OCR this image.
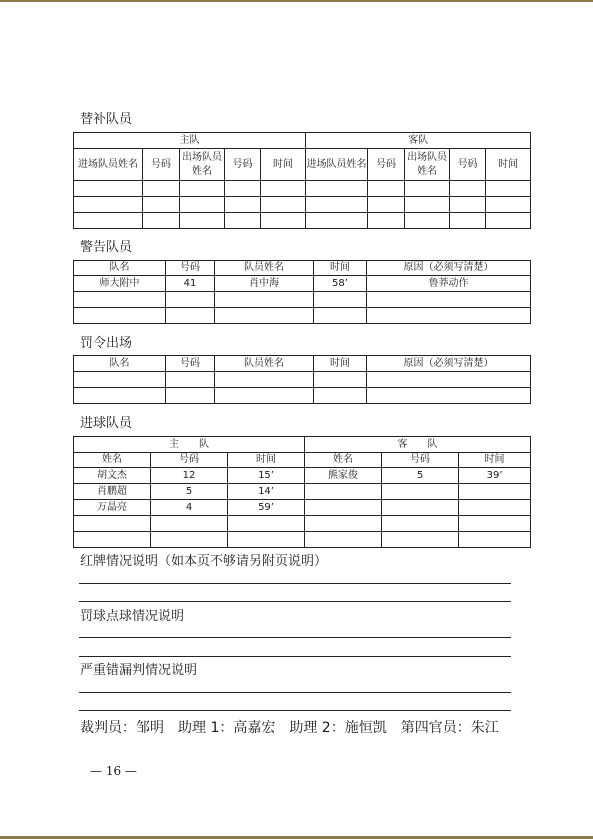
替补队员

主队					客队				
进场队员姓名	号码	出场队员姓名	号码	时间	进场队员姓名	号码	出场队员姓名	号码	时间

警告队员

队名	号码	队员姓名	时间	原因（必须写清楚）
师大附中	41	肖中海	58’	鲁莽动作

罚令出场

队名	号码	队员姓名	时间	原因（必须写清楚）

进球队员

主　　队			客　　队		
姓名	号码	时间	姓名	号码	时间
胡文杰	12	15’	熊家俊	5	39’
肖鹏超	5	14’			
万晶亮	4	59’			

红牌情况说明（如本页不够请另附页说明）

罚球点球情况说明

严重错漏判情况说明

裁判员：邹明　助理 1：高嘉宏　助理 2：施恒凯　第四官员：朱江

— 16 —
